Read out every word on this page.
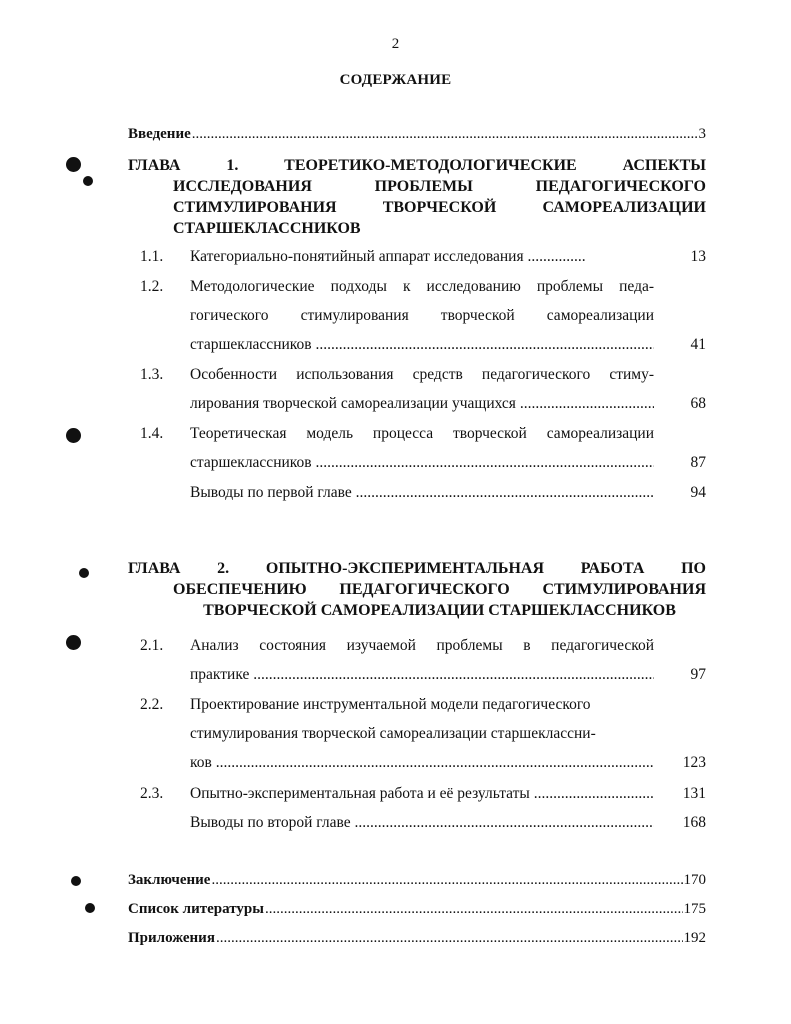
2
СОДЕРЖАНИЕ
Введение .....	3
ГЛАВА 1. ТЕОРЕТИКО-МЕТОДОЛОГИЧЕСКИЕ АСПЕКТЫ
ИССЛЕДОВАНИЯ ПРОБЛЕМЫ ПЕДАГОГИЧЕСКОГО
СТИМУЛИРОВАНИЯ ТВОРЧЕСКОЙ САМОРЕАЛИЗАЦИИ
СТАРШЕКЛАССНИКОВ
1.1. Категориально-понятийный аппарат исследования ...............	13
1.2. Методологические подходы к исследованию проблемы педа-
гогического стимулирования творческой самореализации
старшеклассников .....	41
1.3. Особенности использования средств педагогического стиму-
лирования творческой самореализации учащихся .....	68
1.4. Теоретическая модель процесса творческой самореализации
старшеклассников .....	87
Выводы по первой главе .....	94
ГЛАВА 2. ОПЫТНО-ЭКСПЕРИМЕНТАЛЬНАЯ РАБОТА ПО
ОБЕСПЕЧЕНИЮ ПЕДАГОГИЧЕСКОГО СТИМУЛИРОВАНИЯ
ТВОРЧЕСКОЙ САМОРЕАЛИЗАЦИИ СТАРШЕКЛАССНИКОВ
2.1. Анализ состояния изучаемой проблемы в педагогической
практике .....	97
2.2. Проектирование инструментальной модели педагогического
стимулирования творческой самореализации старшеклассни-
ков .....	123
2.3. Опытно-экспериментальная работа и её результаты .....	131
Выводы по второй главе .....	168
Заключение .....	170
Список литературы .....	175
Приложения .....	192
